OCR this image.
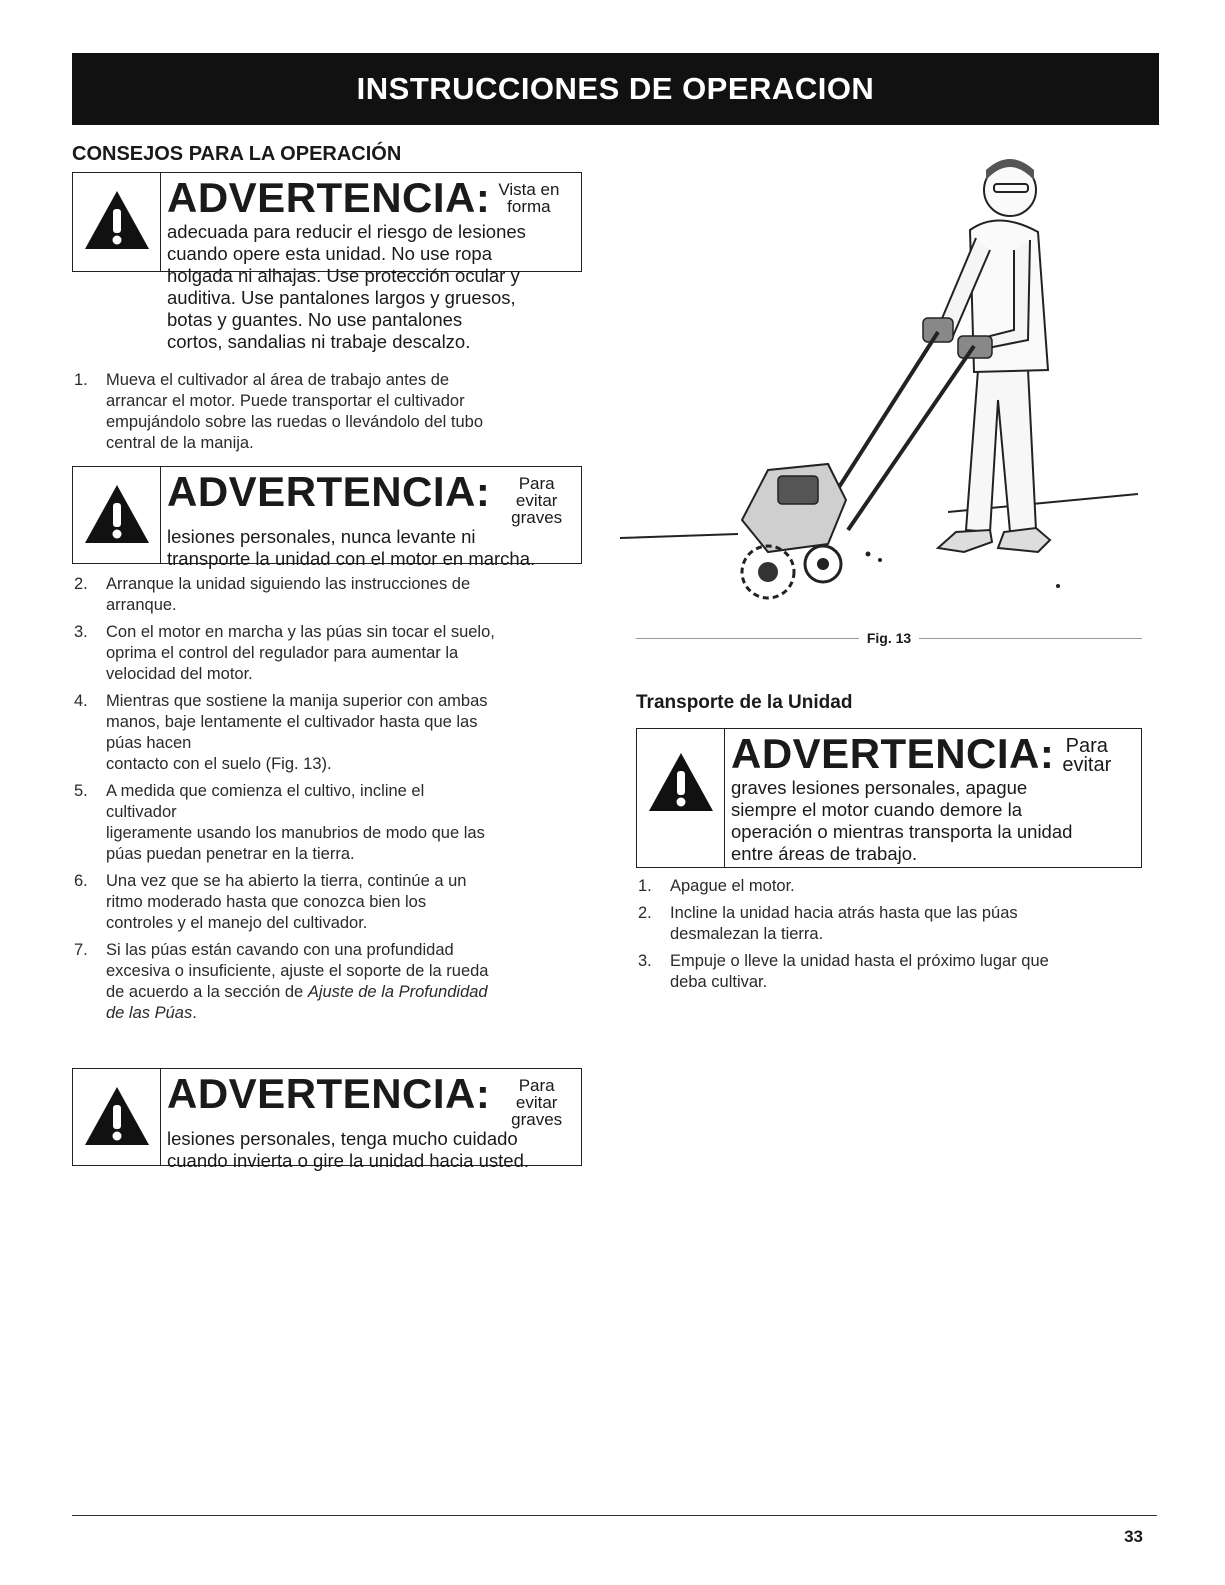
INSTRUCCIONES DE OPERACION
CONSEJOS PARA LA OPERACIÓN
ADVERTENCIA: Vista en
forma
adecuada para reducir el riesgo de lesiones
cuando opere esta unidad. No use ropa
holgada ni alhajas. Use protección ocular y
auditiva. Use pantalones largos y gruesos,
botas y guantes. No use pantalones
cortos, sandalias ni trabaje descalzo.
1. Mueva el cultivador al área de trabajo antes de
arrancar el motor. Puede transportar el cultivador
empujándolo sobre las ruedas o llevándolo del tubo
central de la manija.
ADVERTENCIA:	Para evitar
graves
lesiones personales, nunca levante ni
transporte la unidad con el motor en marcha.
2. Arranque la unidad siguiendo las instrucciones de
arranque.
3. Con el motor en marcha y las púas sin tocar el suelo,
oprima el control del regulador para aumentar la
velocidad del motor.
4. Mientras que sostiene la manija superior con ambas
manos, baje lentamente el cultivador hasta que las
púas hacen
contacto con el suelo (Fig. 13).
5. A medida que comienza el cultivo, incline el
cultivador
ligeramente usando los manubrios de modo que las
púas puedan penetrar en la tierra.
6. Una vez que se ha abierto la tierra, continúe a un
ritmo moderado hasta que conozca bien los
controles y el manejo del cultivador.
7. Si las púas están cavando con una profundidad
excesiva o insuficiente, ajuste el soporte de la rueda
de acuerdo a la sección de Ajuste de la Profundidad
de las Púas.
ADVERTENCIA:	Para evitar
graves
lesiones personales, tenga mucho cuidado
cuando invierta o gire la unidad hacia usted.
Fig. 13
Transporte de la Unidad
ADVERTENCIA: Para
evitar
graves lesiones personales, apague
siempre el motor cuando demore la
operación o mientras transporta la unidad
entre áreas de trabajo.
1. Apague el motor.
2. Incline la unidad hacia atrás hasta que las púas
desmalezan la tierra.
3. Empuje o lleve la unidad hasta el próximo lugar que
deba cultivar.
33
